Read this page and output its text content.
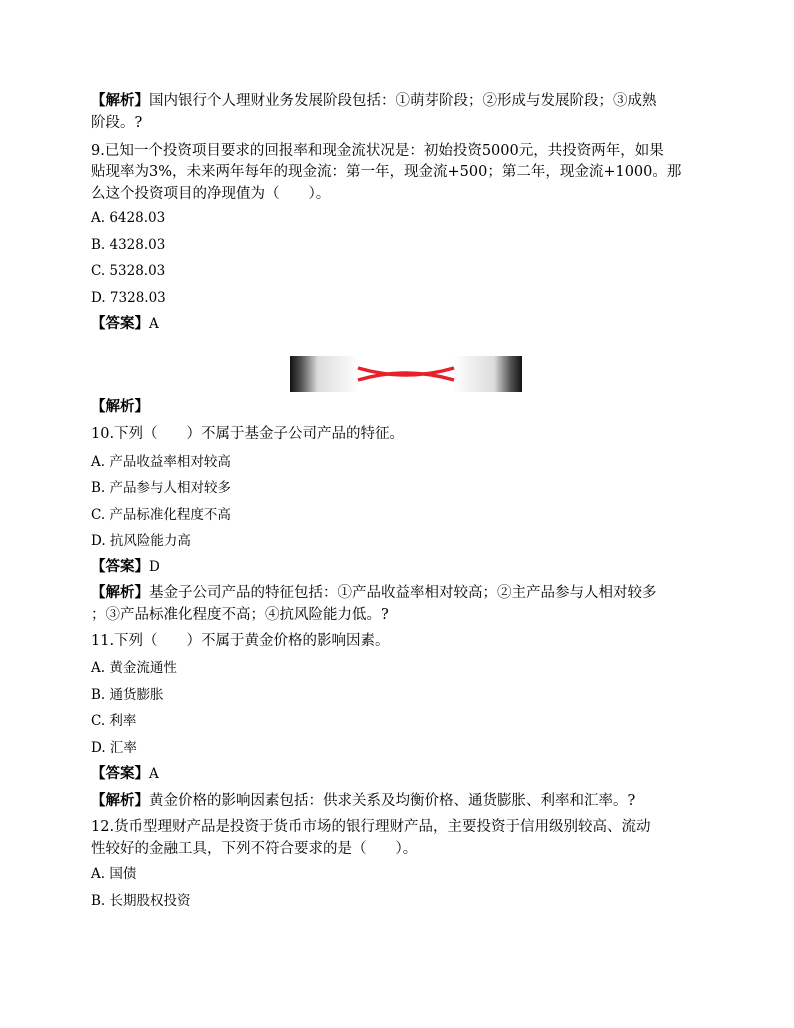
【解析】国内银行个人理财业务发展阶段包括：①萌芽阶段；②形成与发展阶段；③成熟
阶段。?
9.已知一个投资项目要求的回报率和现金流状况是：初始投资5000元，共投资两年，如果
贴现率为3%，未来两年每年的现金流：第一年，现金流+500；第二年，现金流+1000。那
么这个投资项目的净现值为（　　）。
A. 6428.03
B. 4328.03
C. 5328.03
D. 7328.03
【答案】A
【解析】
10.下列（　　）不属于基金子公司产品的特征。
A. 产品收益率相对较高
B. 产品参与人相对较多
C. 产品标准化程度不高
D. 抗风险能力高
【答案】D
【解析】基金子公司产品的特征包括：①产品收益率相对较高；②主产品参与人相对较多
；③产品标准化程度不高；④抗风险能力低。?
11.下列（　　）不属于黄金价格的影响因素。
A. 黄金流通性
B. 通货膨胀
C. 利率
D. 汇率
【答案】A
【解析】黄金价格的影响因素包括：供求关系及均衡价格、通货膨胀、利率和汇率。?
12.货币型理财产品是投资于货币市场的银行理财产品，主要投资于信用级别较高、流动
性较好的金融工具，下列不符合要求的是（　　）。
A. 国债
B. 长期股权投资
